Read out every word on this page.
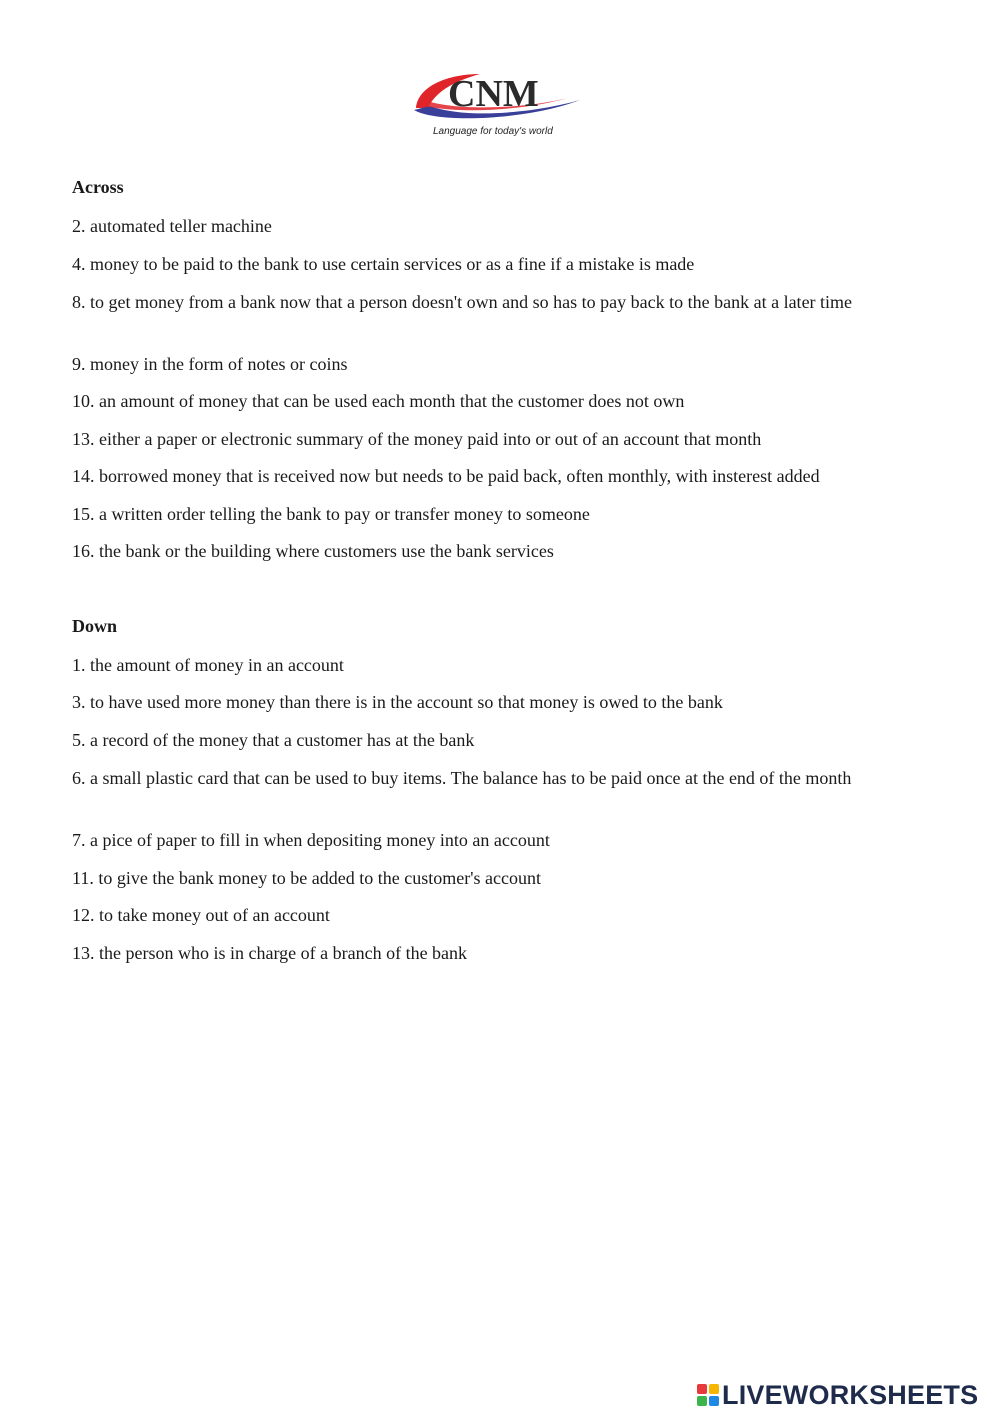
CNM
Language for today's world
Across

2. automated teller machine

4. money to be paid to the bank to use certain services or as a fine if a mistake is made

8. to get money from a bank now that a person doesn't own and so has to pay back to the bank at a later time

9. money in the form of notes or coins

10. an amount of money that can be used each month that the customer does not own

13. either a paper or electronic summary of the money paid into or out of an account that month

14. borrowed money that is received now but needs to be paid back, often monthly, with insterest added

15. a written order telling the bank to pay or transfer money to someone

16. the bank or the building where customers use the bank services

Down

1. the amount of money in an account

3. to have used more money than there is in the account so that money is owed to the bank

5. a record of the money that a customer has at the bank

6. a small plastic card that can be used to buy items. The balance has to be paid once at the end of the month

7. a pice of paper to fill in when depositing money into an account

11. to give the bank money to be added to the customer's account

12. to take money out of an account

13. the person who is in charge of a branch of the bank

LIVEWORKSHEETS
